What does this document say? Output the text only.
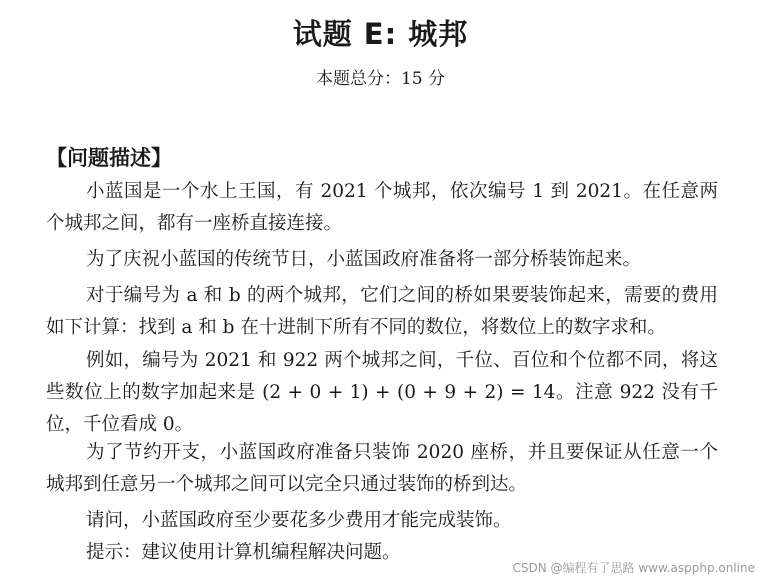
试题 E: 城邦
本题总分：15 分
【问题描述】
小蓝国是一个水上王国，有 2021 个城邦，依次编号 1 到 2021。在任意两个城邦之间，都有一座桥直接连接。
为了庆祝小蓝国的传统节日，小蓝国政府准备将一部分桥装饰起来。
对于编号为 a 和 b 的两个城邦，它们之间的桥如果要装饰起来，需要的费用如下计算：找到 a 和 b 在十进制下所有不同的数位，将数位上的数字求和。
例如，编号为 2021 和 922 两个城邦之间，千位、百位和个位都不同，将这些数位上的数字加起来是 (2 + 0 + 1) + (0 + 9 + 2) = 14。注意 922 没有千位，千位看成 0。
为了节约开支，小蓝国政府准备只装饰 2020 座桥，并且要保证从任意一个城邦到任意另一个城邦之间可以完全只通过装饰的桥到达。
请问，小蓝国政府至少要花多少费用才能完成装饰。
提示：建议使用计算机编程解决问题。
CSDN @编程有了思路 www.aspphp.online
